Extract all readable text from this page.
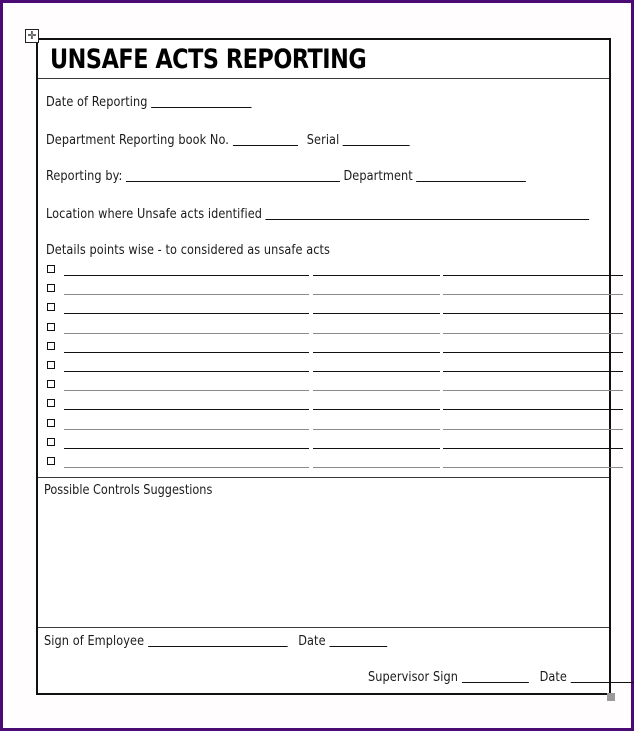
✛
UNSAFE ACTS REPORTING
Date of Reporting
Department Reporting book No.	Serial
Reporting by:	Department
Location where Unsafe acts identified
Details points wise - to considered as unsafe acts
Possible Controls Suggestions
Sign of Employee	Date
Supervisor Sign	Date
